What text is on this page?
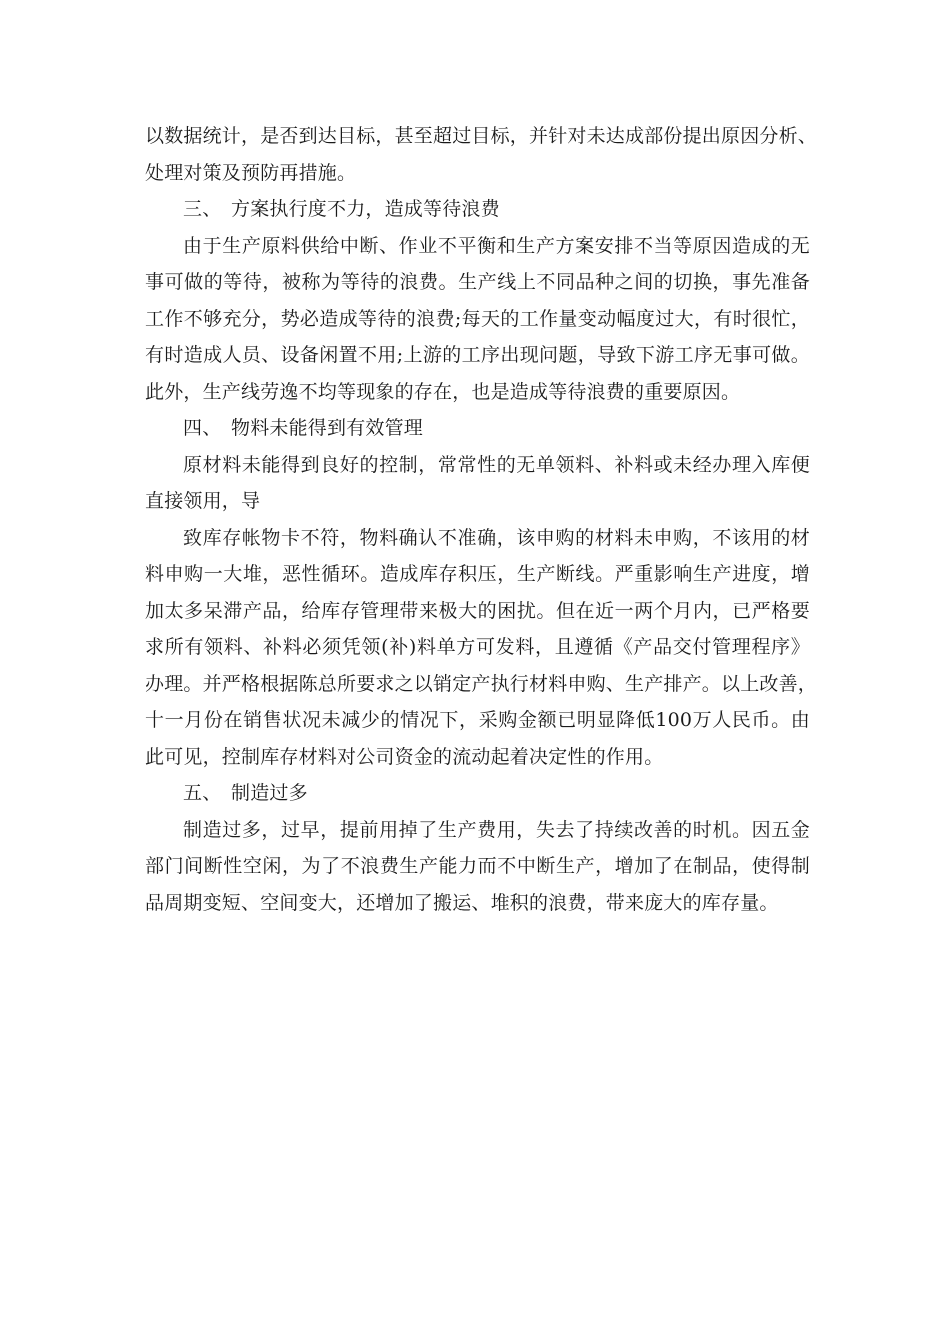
以数据统计，是否到达目标，甚至超过目标，并针对未达成部份提出原因分析、
处理对策及预防再措施。
三、 方案执行度不力，造成等待浪费
由于生产原料供给中断、作业不平衡和生产方案安排不当等原因造成的无
事可做的等待，被称为等待的浪费。生产线上不同品种之间的切换，事先准备
工作不够充分，势必造成等待的浪费;每天的工作量变动幅度过大，有时很忙，
有时造成人员、设备闲置不用;上游的工序出现问题，导致下游工序无事可做。
此外，生产线劳逸不均等现象的存在，也是造成等待浪费的重要原因。
四、 物料未能得到有效管理
原材料未能得到良好的控制，常常性的无单领料、补料或未经办理入库便
直接领用，导
致库存帐物卡不符，物料确认不准确，该申购的材料未申购，不该用的材
料申购一大堆，恶性循环。造成库存积压，生产断线。严重影响生产进度，增
加太多呆滞产品，给库存管理带来极大的困扰。但在近一两个月内，已严格要
求所有领料、补料必须凭领(补)料单方可发料，且遵循《产品交付管理程序》
办理。并严格根据陈总所要求之以销定产执行材料申购、生产排产。以上改善，
十一月份在销售状况未减少的情况下，采购金额已明显降低100万人民币。由
此可见，控制库存材料对公司资金的流动起着决定性的作用。
五、 制造过多
制造过多，过早，提前用掉了生产费用，失去了持续改善的时机。因五金
部门间断性空闲，为了不浪费生产能力而不中断生产，增加了在制品，使得制
品周期变短、空间变大，还增加了搬运、堆积的浪费，带来庞大的库存量。
